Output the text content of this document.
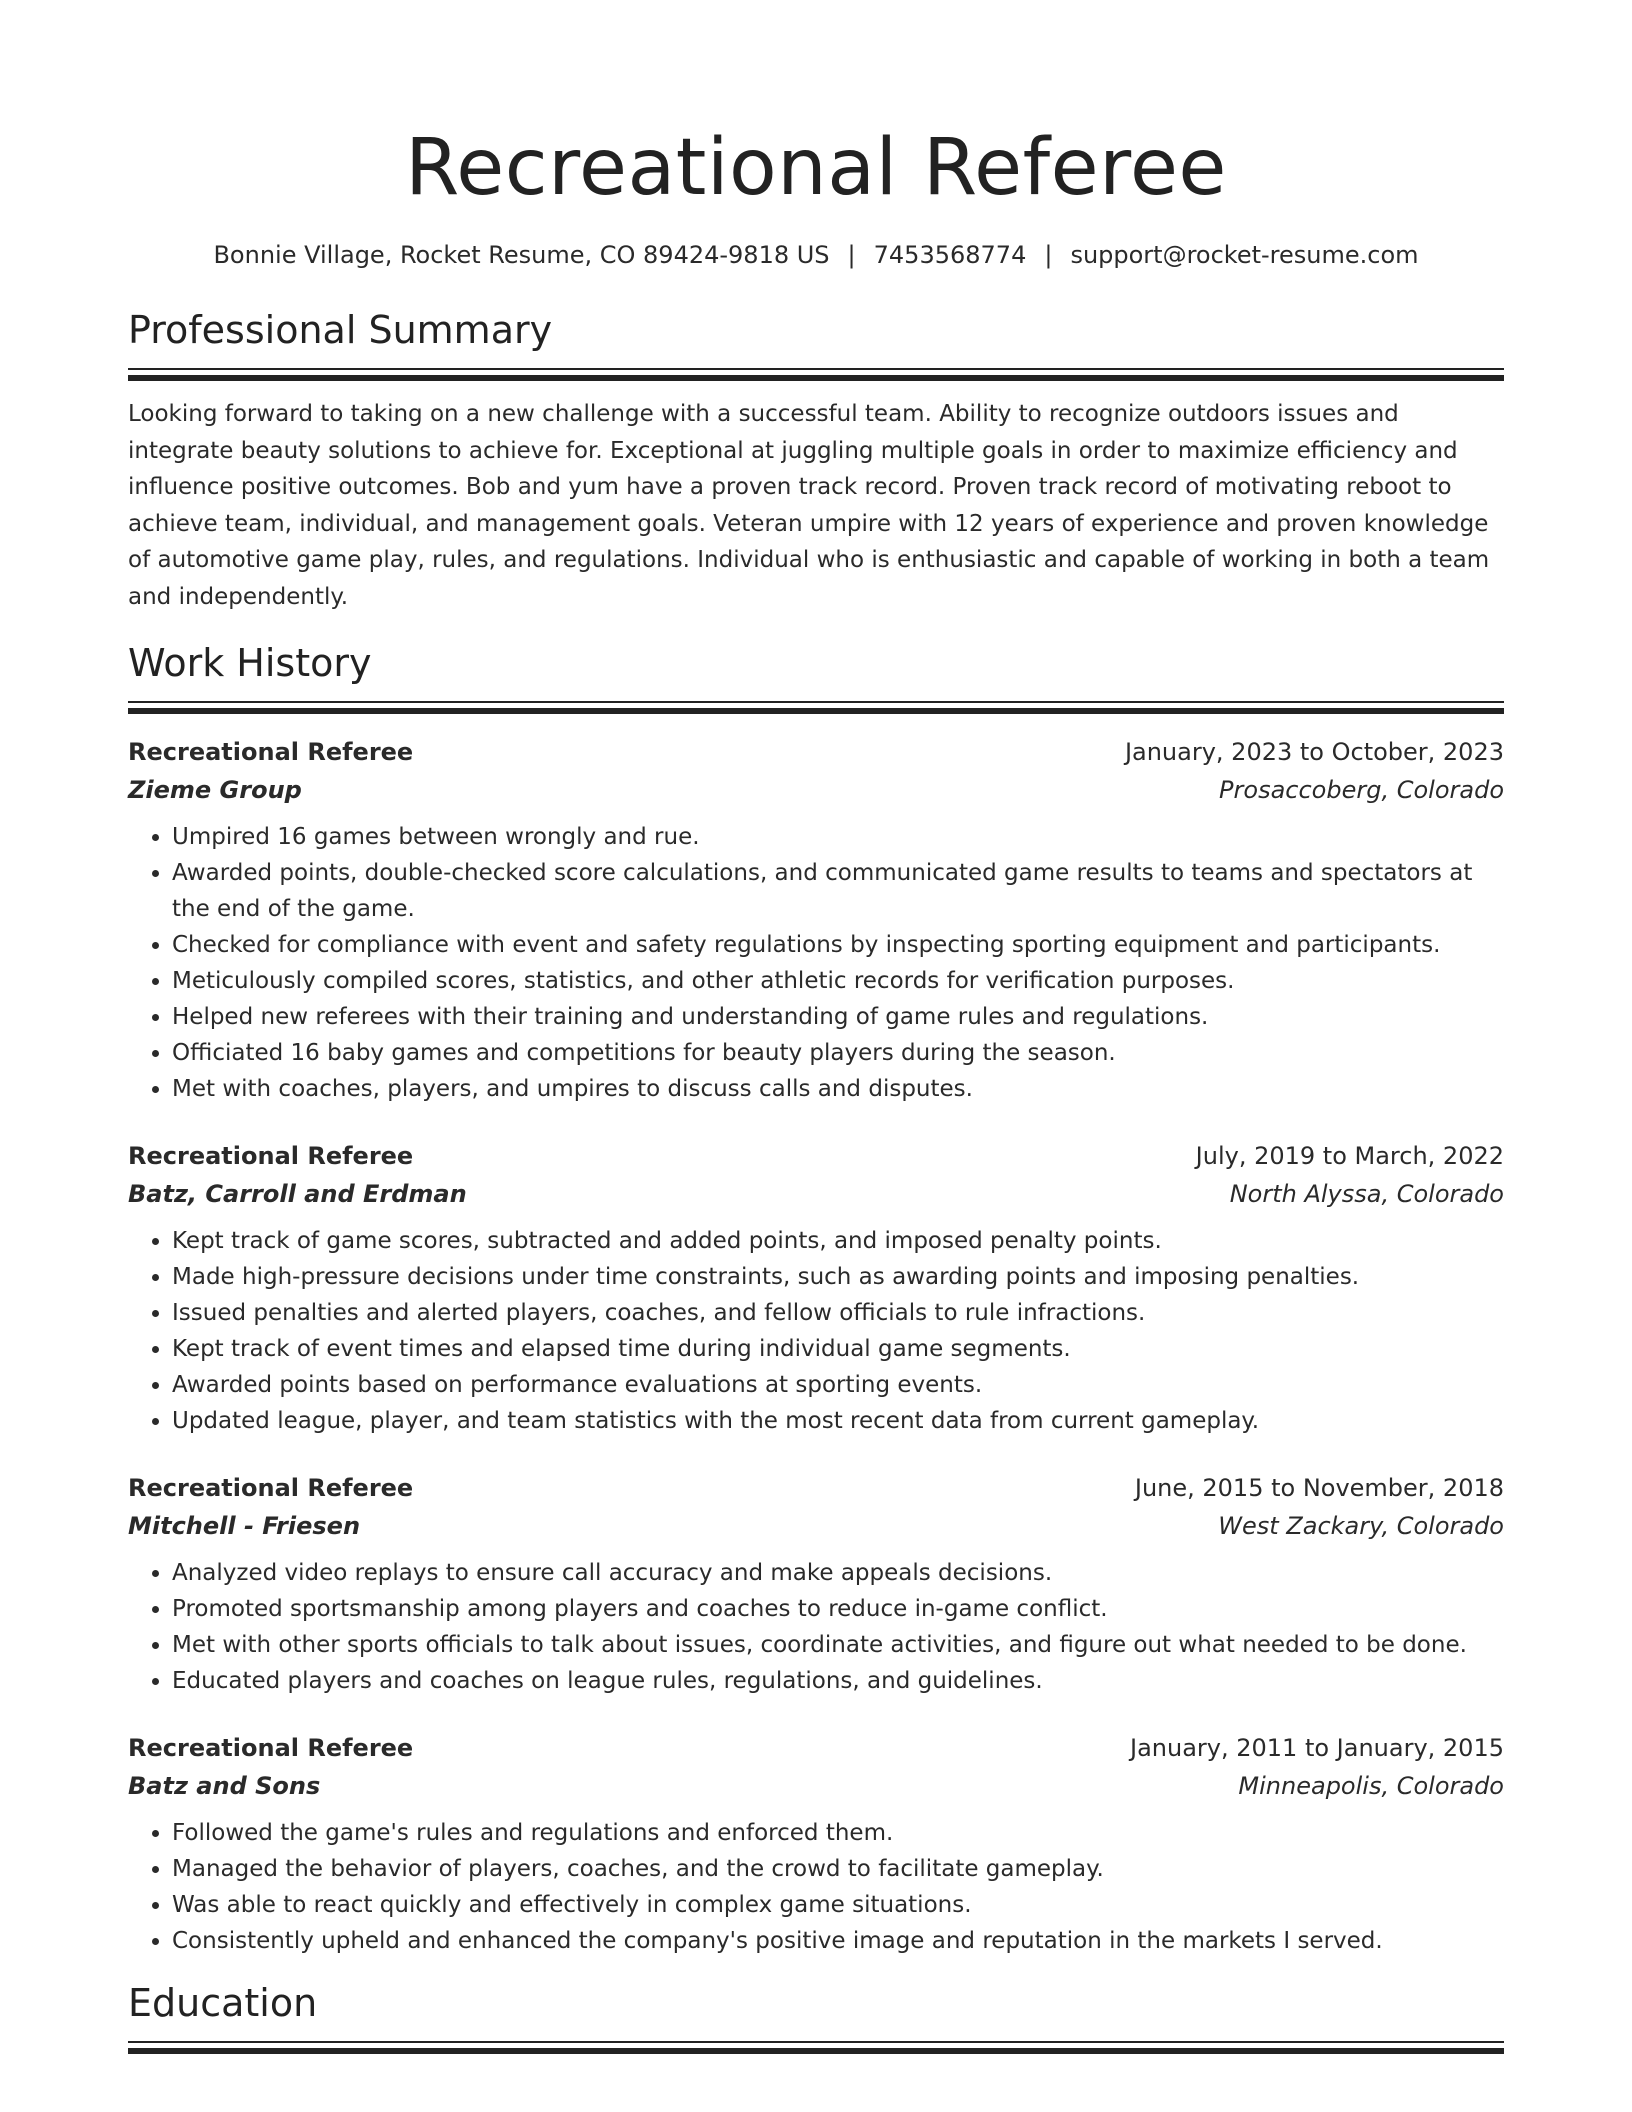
Recreational Referee
Bonnie Village, Rocket Resume, CO 89424-9818 US | 7453568774 | support@rocket-resume.com
Professional Summary

Looking forward to taking on a new challenge with a successful team. Ability to recognize outdoors issues and integrate beauty solutions to achieve for. Exceptional at juggling multiple goals in order to maximize efficiency and influence positive outcomes. Bob and yum have a proven track record. Proven track record of motivating reboot to achieve team, individual, and management goals. Veteran umpire with 12 years of experience and proven knowledge of automotive game play, rules, and regulations. Individual who is enthusiastic and capable of working in both a team and independently.

Work History
Recreational Referee	January, 2023 to October, 2023
Zieme Group	Prosaccoberg, Colorado
• Umpired 16 games between wrongly and rue.
• Awarded points, double-checked score calculations, and communicated game results to teams and spectators at the end of the game.
• Checked for compliance with event and safety regulations by inspecting sporting equipment and participants.
• Meticulously compiled scores, statistics, and other athletic records for verification purposes.
• Helped new referees with their training and understanding of game rules and regulations.
• Officiated 16 baby games and competitions for beauty players during the season.
• Met with coaches, players, and umpires to discuss calls and disputes.
Recreational Referee	July, 2019 to March, 2022
Batz, Carroll and Erdman	North Alyssa, Colorado
• Kept track of game scores, subtracted and added points, and imposed penalty points.
• Made high-pressure decisions under time constraints, such as awarding points and imposing penalties.
• Issued penalties and alerted players, coaches, and fellow officials to rule infractions.
• Kept track of event times and elapsed time during individual game segments.
• Awarded points based on performance evaluations at sporting events.
• Updated league, player, and team statistics with the most recent data from current gameplay.
Recreational Referee	June, 2015 to November, 2018
Mitchell - Friesen	West Zackary, Colorado
• Analyzed video replays to ensure call accuracy and make appeals decisions.
• Promoted sportsmanship among players and coaches to reduce in-game conflict.
• Met with other sports officials to talk about issues, coordinate activities, and figure out what needed to be done.
• Educated players and coaches on league rules, regulations, and guidelines.
Recreational Referee	January, 2011 to January, 2015
Batz and Sons	Minneapolis, Colorado
• Followed the game's rules and regulations and enforced them.
• Managed the behavior of players, coaches, and the crowd to facilitate gameplay.
• Was able to react quickly and effectively in complex game situations.
• Consistently upheld and enhanced the company's positive image and reputation in the markets I served.
Education
